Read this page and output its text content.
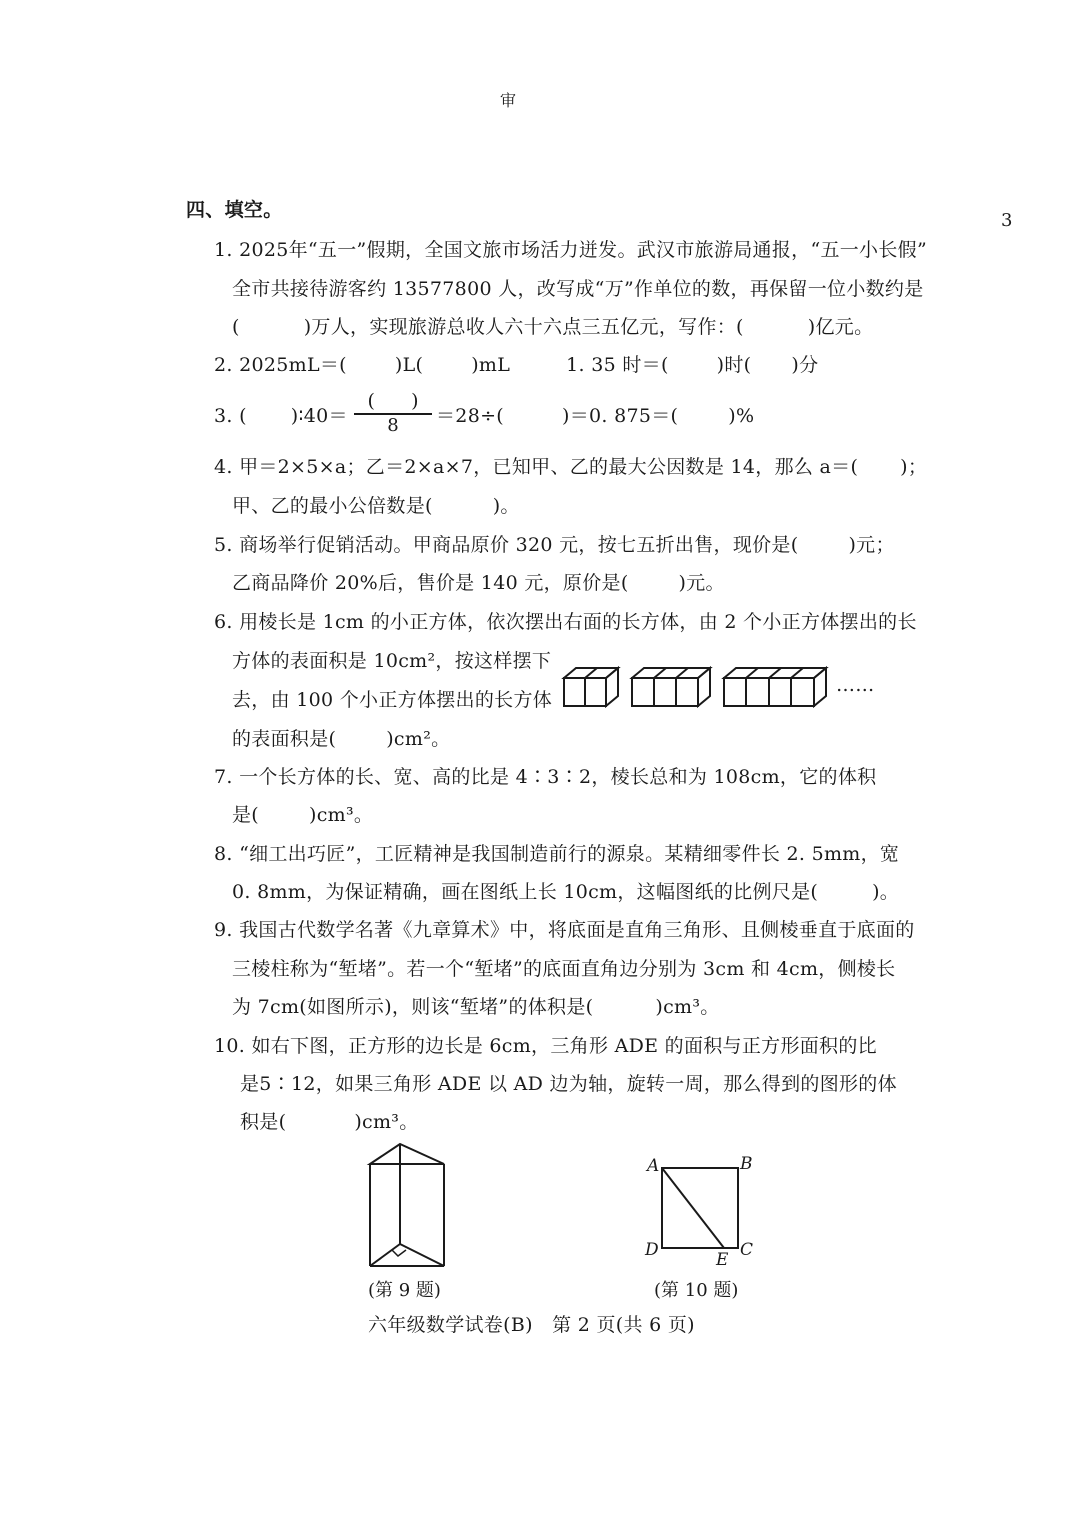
审
3
四、填空。
1. 2025年“五一”假期，全国文旅市场活力迸发。武汉市旅游局通报，“五一小长假”
全市共接待游客约 13577800 人，改写成“万”作单位的数，再保留一位小数约是
(	)万人，实现旅游总收人六十六点三五亿元，写作：(	)亿元。
2. 2025mL＝(	)L(	)mL	1. 35 时＝(	)时( )分
3. ( )∶40＝
(      )
8	＝28÷(	)＝0. 875＝(	)%
4. 甲＝2×5×a；乙＝2×a×7，已知甲、乙的最大公因数是 14，那么 a＝( )；
甲、乙的最小公倍数是(	)。
5. 商场举行促销活动。甲商品原价 320 元，按七五折出售，现价是(	)元；
乙商品降价 20%后，售价是 140 元，原价是(	)元。
6. 用棱长是 1cm 的小正方体，依次摆出右面的长方体，由 2 个小正方体摆出的长
方体的表面积是 10cm²，按这样摆下
去，由 100 个小正方体摆出的长方体
的表面积是(	)cm²。
……
7. 一个长方体的长、宽、高的比是 4∶3∶2，棱长总和为 108cm，它的体积
是(	)cm³。
8. “细工出巧匠”，工匠精神是我国制造前行的源泉。某精细零件长 2. 5mm，宽
0. 8mm，为保证精确，画在图纸上长 10cm，这幅图纸的比例尺是(	)。
9. 我国古代数学名著《九章算术》中，将底面是直角三角形、且侧棱垂直于底面的
三棱柱称为“堑堵”。若一个“堑堵”的底面直角边分别为 3cm 和 4cm，侧棱长
为 7cm(如图所示)，则该“堑堵”的体积是(	)cm³。
10. 如右下图，正方形的边长是 6cm，三角形 ADE 的面积与正方形面积的比
是5∶12，如果三角形 ADE 以 AD 边为轴，旋转一周，那么得到的图形的体
积是(	)cm³。
(第 9 题)
A	B
D	E C
(第 10 题)
六年级数学试卷(B)　第 2 页(共 6 页)
